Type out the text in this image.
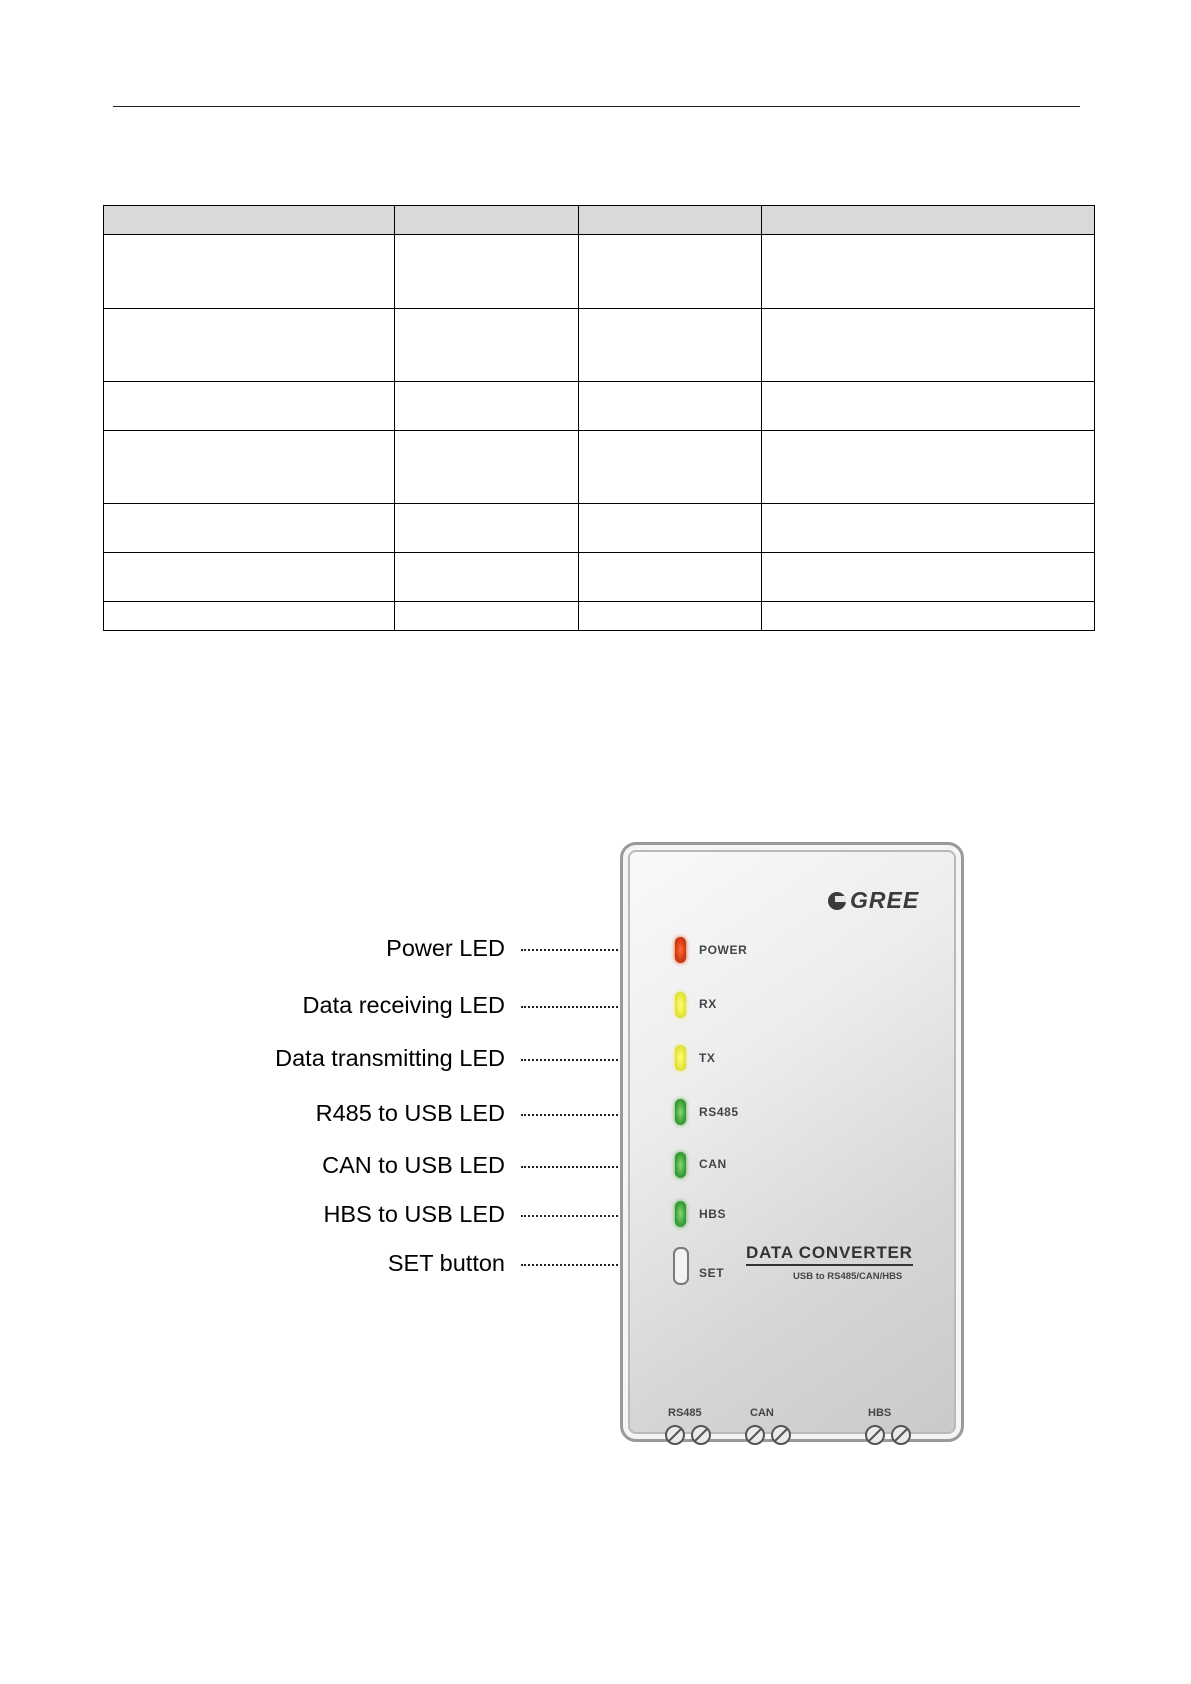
Power LED
Data receiving LED
Data transmitting LED
R485 to USB LED
CAN to USB LED
HBS to USB LED
SET button
GREE
POWER
RX
TX
RS485
CAN
HBS
SET
DATA CONVERTER
USB to RS485/CAN/HBS
RS485	CAN	HBS
